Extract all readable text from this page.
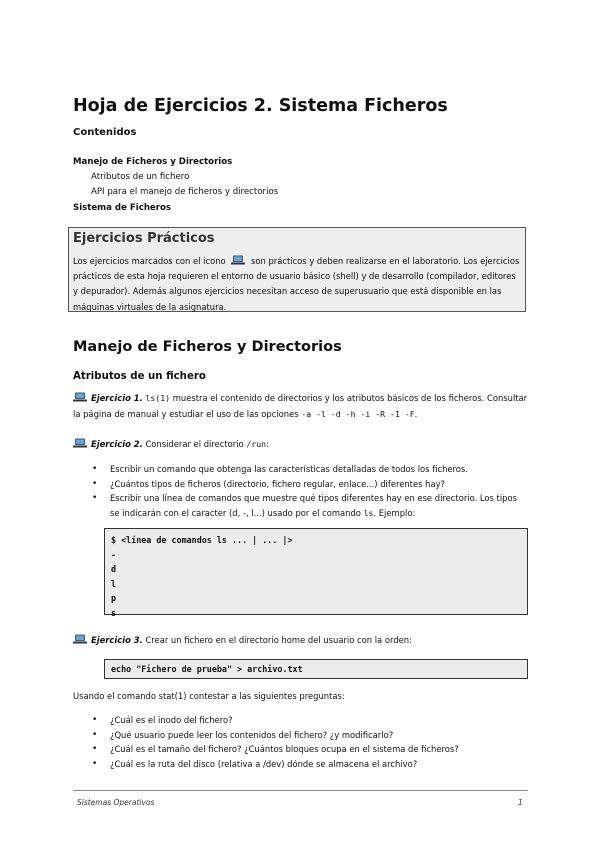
Hoja de Ejercicios 2. Sistema Ficheros
Contenidos
Manejo de Ficheros y Directorios
Atributos de un fichero
API para el manejo de ficheros y directorios
Sistema de Ficheros
Ejercicios Prácticos
Los ejercicios marcados con el icono	son prácticos y deben realizarse en el laboratorio. Los ejercicios prácticos de esta hoja requieren el entorno de usuario básico (shell) y de desarrollo (compilador, editores y depurador). Además algunos ejercicios necesitan acceso de superusuario que está disponible en las máquinas virtuales de la asignatura.
Manejo de Ficheros y Directorios
Atributos de un fichero
Ejercicio 1. ls(1) muestra el contenido de directorios y los atributos básicos de los ficheros. Consultar la página de manual y estudiar el uso de las opciones -a -l -d -h -i -R -1 -F.
Ejercicio 2. Considerar el directorio /run:
• Escribir un comando que obtenga las características detalladas de todos los ficheros.
• ¿Cuántos tipos de ficheros (directorio, fichero regular, enlace...) diferentes hay?
• Escribir una línea de comandos que muestre qué tipos diferentes hay en ese directorio. Los tipos se indicarán con el caracter (d, -, l...) usado por el comando ls. Ejemplo:
$ <línea de comandos ls ... | ... |>
-
d
l
p
s
Ejercicio 3. Crear un fichero en el directorio home del usuario con la orden:
echo "Fichero de prueba" > archivo.txt
Usando el comando stat(1) contestar a las siguientes preguntas:
• ¿Cuál es el inodo del fichero?
• ¿Qué usuario puede leer los contenidos del fichero? ¿y modificarlo?
• ¿Cuál es el tamaño del fichero? ¿Cuántos bloques ocupa en el sistema de ficheros?
• ¿Cuál es la ruta del disco (relativa a /dev) dónde se almacena el archivo?
Sistemas Operativos	1
